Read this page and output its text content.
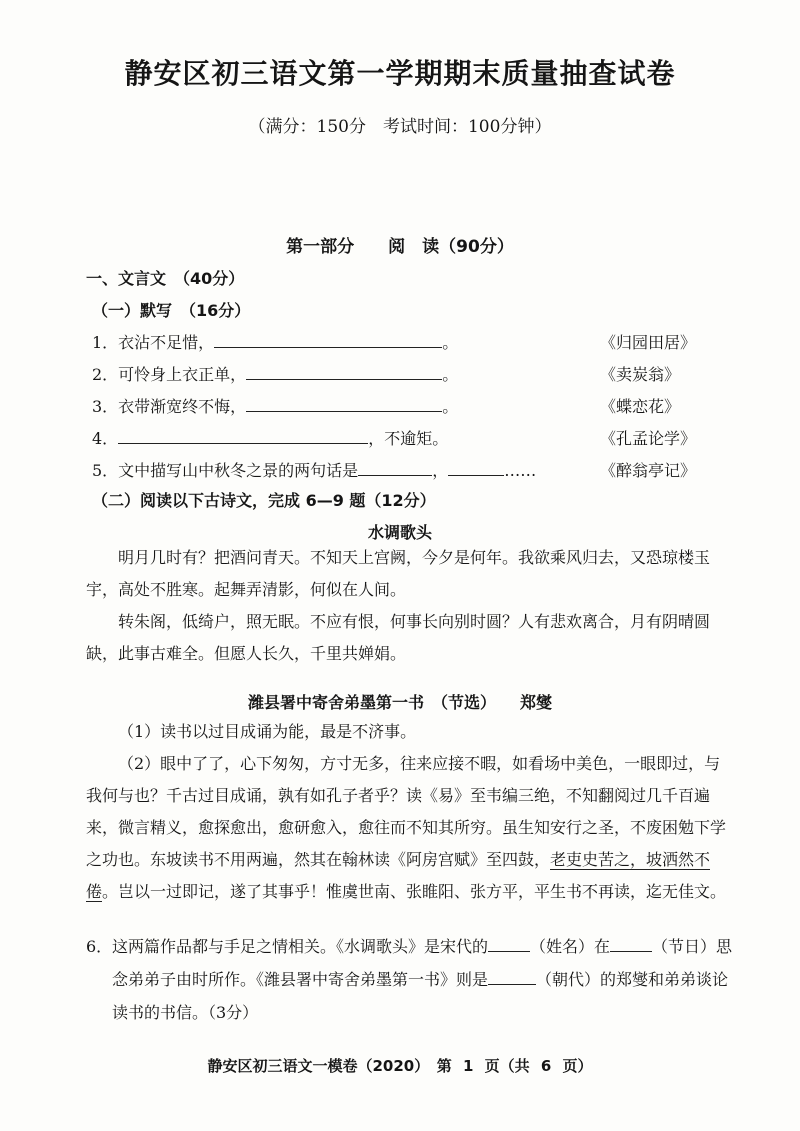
静安区初三语文第一学期期末质量抽查试卷
（满分：150分　考试时间：100分钟）
第一部分　　阅　读（90分）
一、文言文　（40分）
（一）默写　（16分）
1．衣沾不足惜，	。	《归园田居》
2．可怜身上衣正单，	。	《卖炭翁》
3．衣带渐宽终不悔，	。	《蝶恋花》
4．	，不逾矩。	《孔孟论学》
5．文中描写山中秋冬之景的两句话是	，	……	《醉翁亭记》
（二）阅读以下古诗文，完成 6—9 题（12分）
水调歌头

明月几时有？把酒问青天。不知天上宫阙，今夕是何年。我欲乘风归去，又恐琼楼玉宇，高处不胜寒。起舞弄清影，何似在人间。

转朱阁，低绮户，照无眠。不应有恨，何事长向别时圆？人有悲欢离合，月有阴晴圆缺，此事古难全。但愿人长久，千里共婵娟。

潍县署中寄舍弟墨第一书　（节选）　　郑燮

（1）读书以过目成诵为能，最是不济事。

（2）眼中了了，心下匆匆，方寸无多，往来应接不暇，如看场中美色，一眼即过，与我何与也？千古过目成诵，孰有如孔子者乎？读《易》至韦编三绝，不知翻阅过几千百遍来，微言精义，愈探愈出，愈研愈入，愈往而不知其所穷。虽生知安行之圣，不废困勉下学之功也。东坡读书不用两遍，然其在翰林读《阿房宫赋》至四鼓，老吏史苦之，坡洒然不倦。岂以一过即记，遂了其事乎！惟虞世南、张睢阳、张方平，平生书不再读，迄无佳文。

6． 这两篇作品都与手足之情相关。《水调歌头》是宋代的	（姓名）在	（节日）思念弟弟子由时所作。《潍县署中寄舍弟墨第一书》则是	（朝代）的郑燮和弟弟谈论读书的书信。（3分）
静安区初三语文一模卷（2020）　第 1 页（共 6 页）
